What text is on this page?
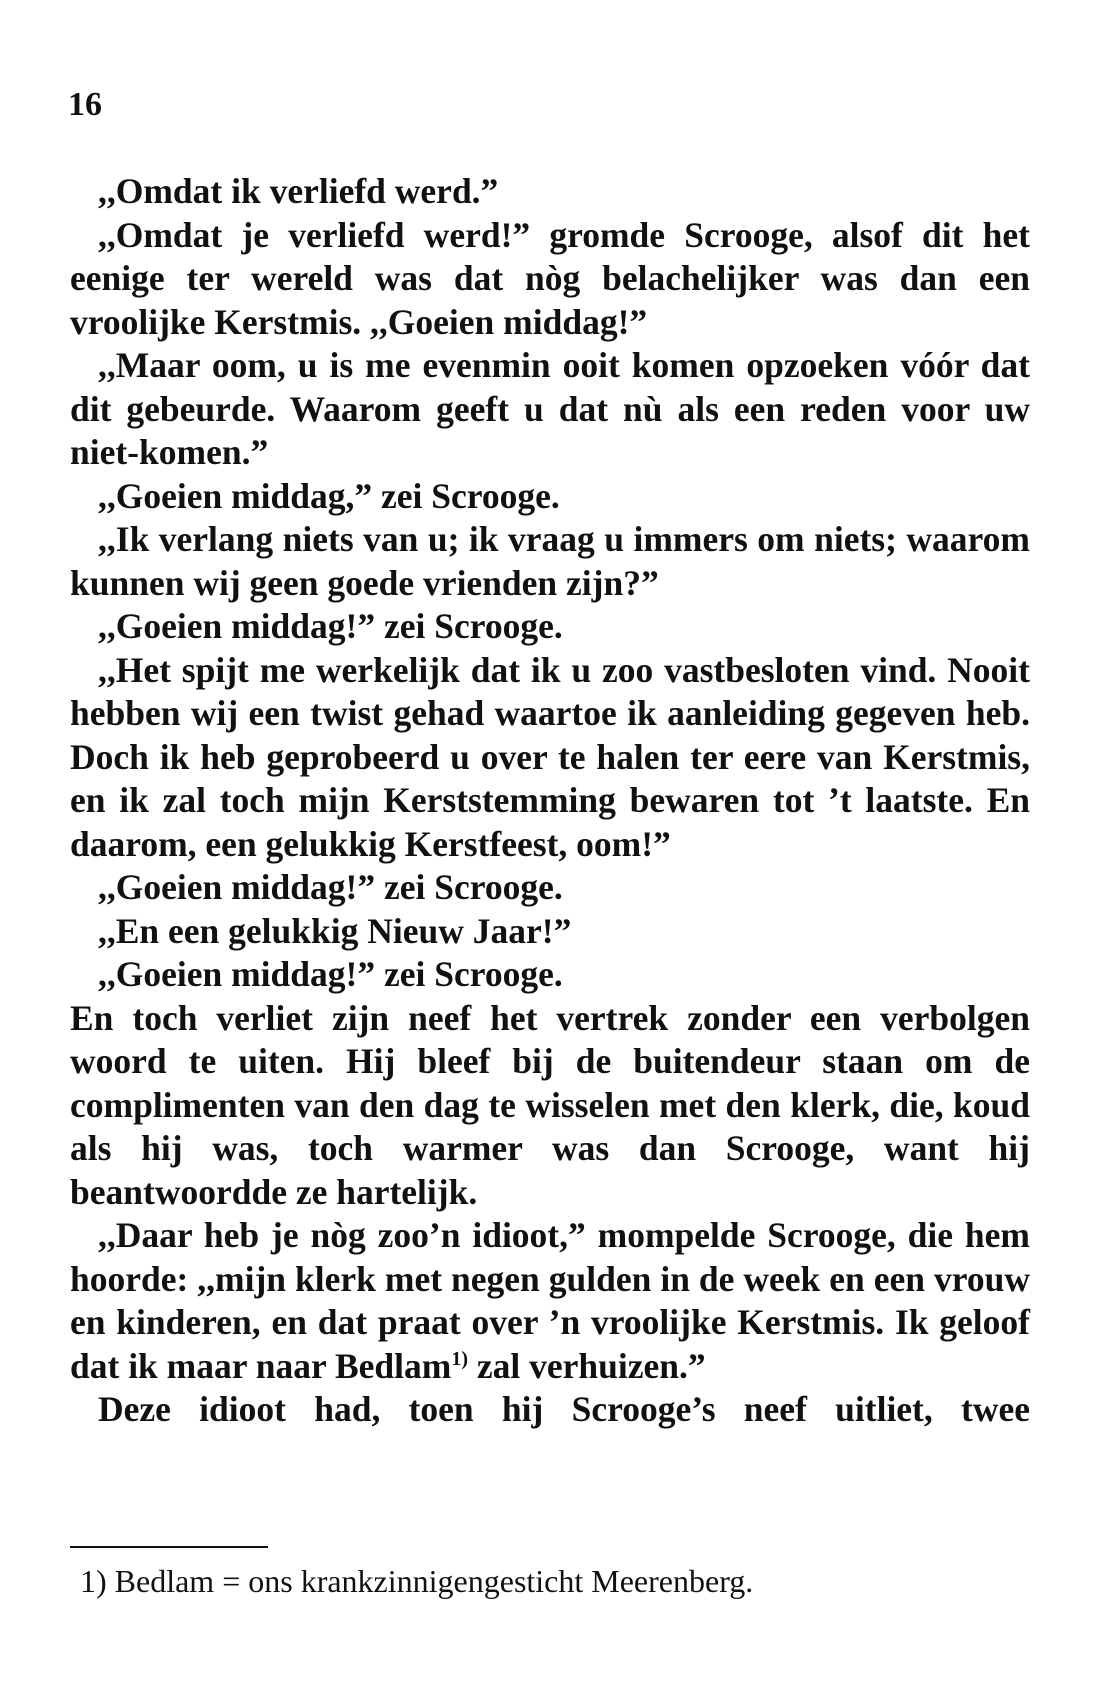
16

,,Omdat ik verliefd werd.”

,,Omdat je verliefd werd!” gromde Scrooge, alsof dit het eenige ter wereld was dat nòg belachelijker was dan een vroolijke Kerstmis. ,,Goeien middag!”

,,Maar oom, u is me evenmin ooit komen opzoeken vóór dat dit gebeurde. Waarom geeft u dat nù als een reden voor uw niet-komen.”

,,Goeien middag,” zei Scrooge.

,,Ik verlang niets van u; ik vraag u immers om niets; waarom kunnen wij geen goede vrienden zijn?”

,,Goeien middag!” zei Scrooge.

,,Het spijt me werkelijk dat ik u zoo vastbesloten vind. Nooit hebben wij een twist gehad waartoe ik aanleiding gegeven heb. Doch ik heb geprobeerd u over te halen ter eere van Kerstmis, en ik zal toch mijn Kerststemming bewaren tot ’t laatste. En daarom, een gelukkig Kerstfeest, oom!”

,,Goeien middag!” zei Scrooge.

,,En een gelukkig Nieuw Jaar!”

,,Goeien middag!” zei Scrooge.

En toch verliet zijn neef het vertrek zonder een verbolgen woord te uiten. Hij bleef bij de buitendeur staan om de complimenten van den dag te wisselen met den klerk, die, koud als hij was, toch warmer was dan Scrooge, want hij beantwoordde ze hartelijk.

,,Daar heb je nòg zoo’n idioot,” mompelde Scrooge, die hem hoorde: ,,mijn klerk met negen gulden in de week en een vrouw en kinderen, en dat praat over ’n vroolijke Kerstmis. Ik geloof dat ik maar naar Bedlam$^{1)}$ zal verhuizen.”

Deze idioot had, toen hij Scrooge’s neef uitliet, twee

1) Bedlam = ons krankzinnigengesticht Meerenberg.
